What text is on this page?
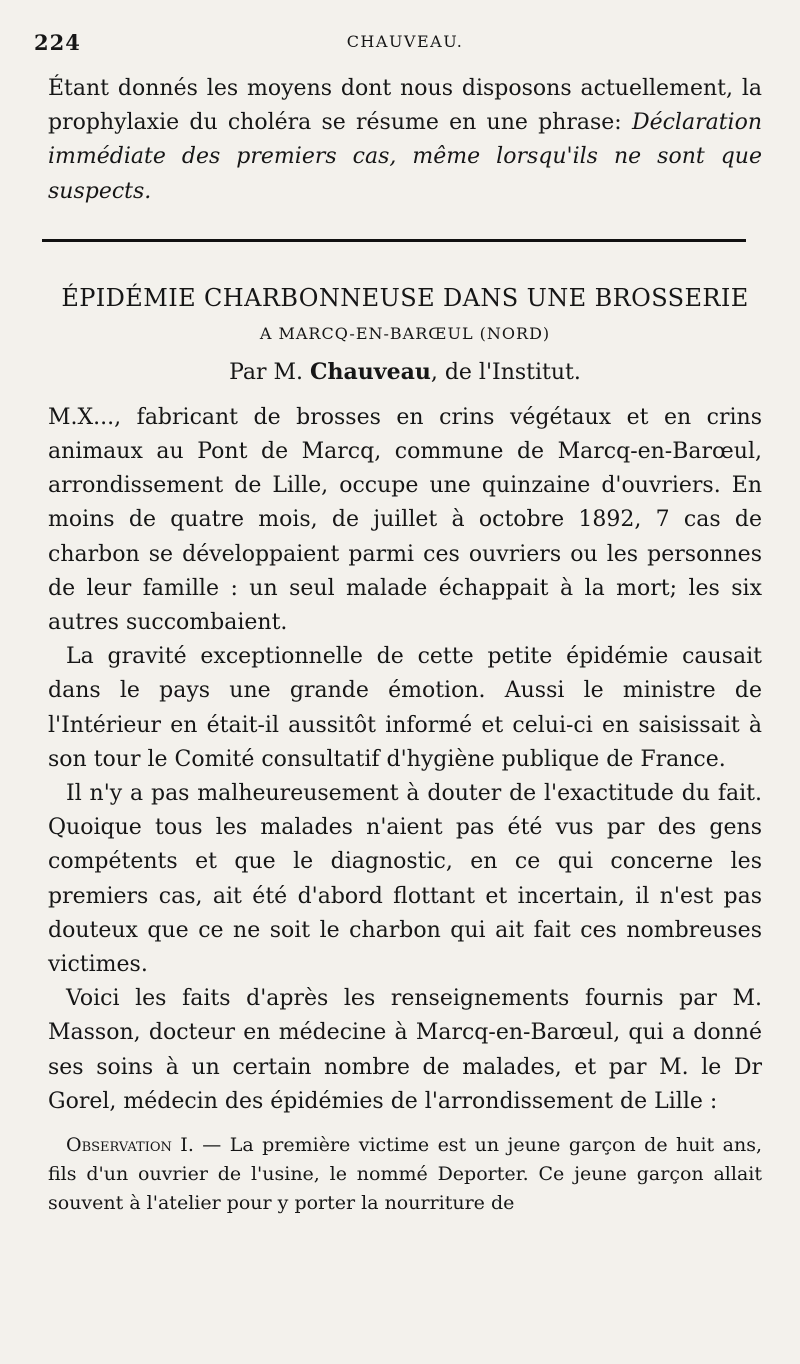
224	CHAUVEAU.

Étant donnés les moyens dont nous disposons actuellement, la prophylaxie du choléra se résume en une phrase: Déclaration immédiate des premiers cas, même lorsqu'ils ne sont que suspects.

ÉPIDÉMIE CHARBONNEUSE DANS UNE BROSSERIE
A MARCQ-EN-BARŒUL (NORD)
Par M. Chauveau, de l'Institut.

M.X..., fabricant de brosses en crins végétaux et en crins animaux au Pont de Marcq, commune de Marcq-en-Barœul, arrondissement de Lille, occupe une quinzaine d'ouvriers. En moins de quatre mois, de juillet à octobre 1892, 7 cas de charbon se développaient parmi ces ouvriers ou les personnes de leur famille : un seul malade échappait à la mort; les six autres succombaient.

La gravité exceptionnelle de cette petite épidémie causait dans le pays une grande émotion. Aussi le ministre de l'Intérieur en était-il aussitôt informé et celui-ci en saisissait à son tour le Comité consultatif d'hygiène publique de France.

Il n'y a pas malheureusement à douter de l'exactitude du fait. Quoique tous les malades n'aient pas été vus par des gens compétents et que le diagnostic, en ce qui concerne les premiers cas, ait été d'abord flottant et incertain, il n'est pas douteux que ce ne soit le charbon qui ait fait ces nombreuses victimes.

Voici les faits d'après les renseignements fournis par M. Masson, docteur en médecine à Marcq-en-Barœul, qui a donné ses soins à un certain nombre de malades, et par M. le Dr Gorel, médecin des épidémies de l'arrondissement de Lille :

Observation I. — La première victime est un jeune garçon de huit ans, fils d'un ouvrier de l'usine, le nommé Deporter. Ce jeune garçon allait souvent à l'atelier pour y porter la nourriture de
